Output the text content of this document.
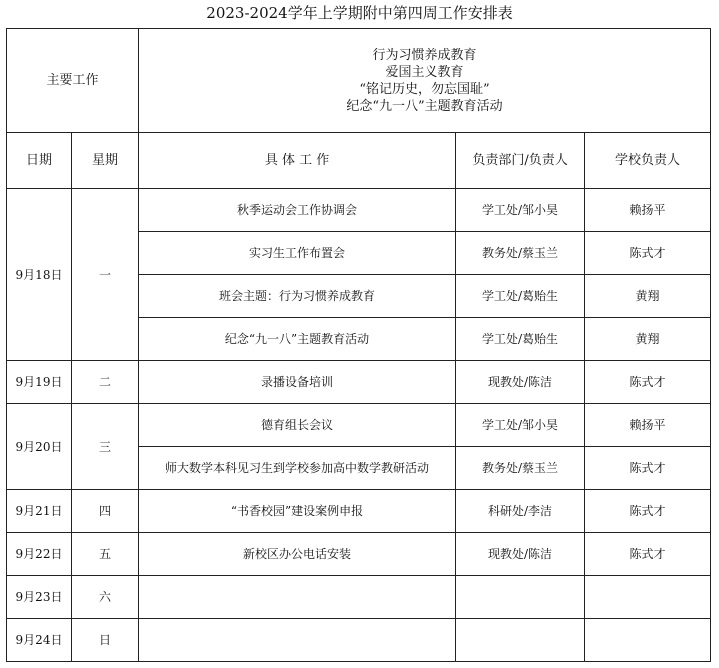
2023-2024学年上学期附中第四周工作安排表
主要工作		行为习惯养成教育
爱国主义教育
“铭记历史，勿忘国耻”
纪念“九一八”主题教育活动		

日期	星期	具 体 工 作	负责部门/负责人	学校负责人
9月18日	一	秋季运动会工作协调会	学工处/邹小昊	赖扬平
		实习生工作布置会	教务处/蔡玉兰	陈式才
		班会主题：行为习惯养成教育	学工处/葛贻生	黄翔
		纪念“九一八”主题教育活动	学工处/葛贻生	黄翔
9月19日	二	录播设备培训	现教处/陈洁	陈式才
9月20日	三	德育组长会议	学工处/邹小昊	赖扬平
		师大数学本科见习生到学校参加高中数学教研活动	教务处/蔡玉兰	陈式才
9月21日	四	“书香校园”建设案例申报	科研处/李洁	陈式才
9月22日	五	新校区办公电话安装	现教处/陈洁	陈式才
9月23日	六			
9月24日	日			
